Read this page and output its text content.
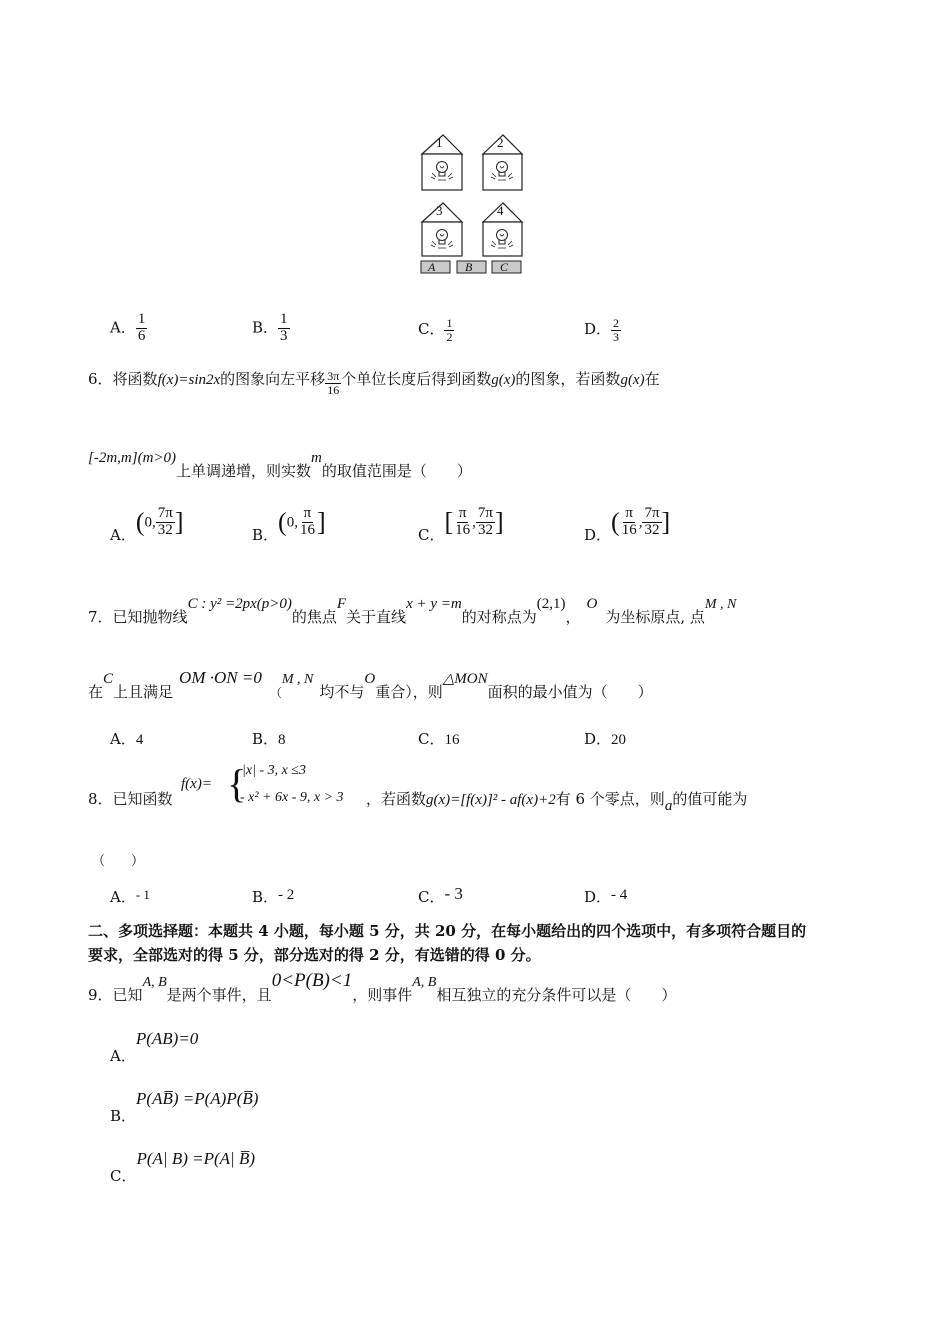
1	2
3	4
A B C
A． $\frac{1}{6}$	B． $\frac{1}{3}$	C． $\frac{1}{2}$	D． $\frac{2}{3}$
6．将函数f(x)=sin2x的图象向左平移 $\frac{3\pi}{16}$ 个单位长度后得到函数g(x)的图象，若函数g(x)在
[-2m,m](m>0)上单调递增，则实数m的取值范围是（　　）
A．(0, $\frac{7\pi}{32}$ ]	B．(0, $\frac{\pi}{16}$ ]	C．[ $\frac{\pi}{16}$ , $\frac{7\pi}{32}$ ]	D．( $\frac{\pi}{16}$ , $\frac{7\pi}{32}$ ]
7．已知抛物线C : y² =2px(p>0)的焦点F关于直线x + y =m的对称点为(2,1)，O为坐标原点, 点M , N
在C上且满足OM $\cdot ON =0_(M$ , N均不与O重合），则△MON面积的最小值为（　　）
A．4	B．8	C．16	D．20
8．已知函数
f(x)= {
|x| - 3, x ≤3
- x² + 6x - 9, x > 3 ，若函数g(x)=[f(x)]² - af(x)+2有 6 个零点，则a的值可能为
（　　）
A．- 1	B．- 2	C．- 3	D．- 4
二、多项选择题：本题共 4 小题，每小题 5 分，共 20 分，在每小题给出的四个选项中，有多项符合题目的
要求，全部选对的得 5 分，部分选对的得 2 分，有选错的得 0 分。
9．已知A, B是两个事件，且0<P(B)<1，则事件A, B相互独立的充分条件可以是（　　）
A．P(AB)=0
B．P(AB̅) =P(A)P(B̅)
C．P(A| B) =P(A| B̅)
